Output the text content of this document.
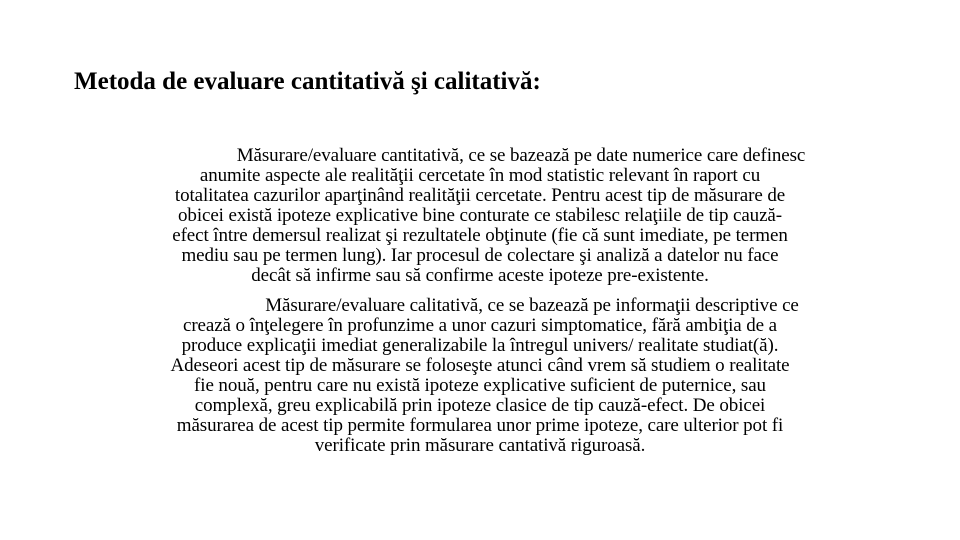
Metoda de evaluare cantitativă şi calitativă:

Măsurare/evaluare cantitativă, ce se bazează pe date numerice care definesc
anumite aspecte ale realităţii cercetate în mod statistic relevant în raport cu
totalitatea cazurilor aparţinând realităţii cercetate. Pentru acest tip de măsurare de
obicei există ipoteze explicative bine conturate ce stabilesc relaţiile de tip cauză-
efect între demersul realizat şi rezultatele obţinute (fie că sunt imediate, pe termen
mediu sau pe termen lung). Iar procesul de colectare şi analiză a datelor nu face
decât să infirme sau să confirme aceste ipoteze pre-existente.

Măsurare/evaluare calitativă, ce se bazează pe informaţii descriptive ce
crează o înţelegere în profunzime a unor cazuri simptomatice, fără ambiţia de a
produce explicaţii imediat generalizabile la întregul univers/ realitate studiat(ă).
Adeseori acest tip de măsurare se foloseşte atunci când vrem să studiem o realitate
fie nouă, pentru care nu există ipoteze explicative suficient de puternice, sau
complexă, greu explicabilă prin ipoteze clasice de tip cauză-efect. De obicei
măsurarea de acest tip permite formularea unor prime ipoteze, care ulterior pot fi
verificate prin măsurare cantativă riguroasă.
